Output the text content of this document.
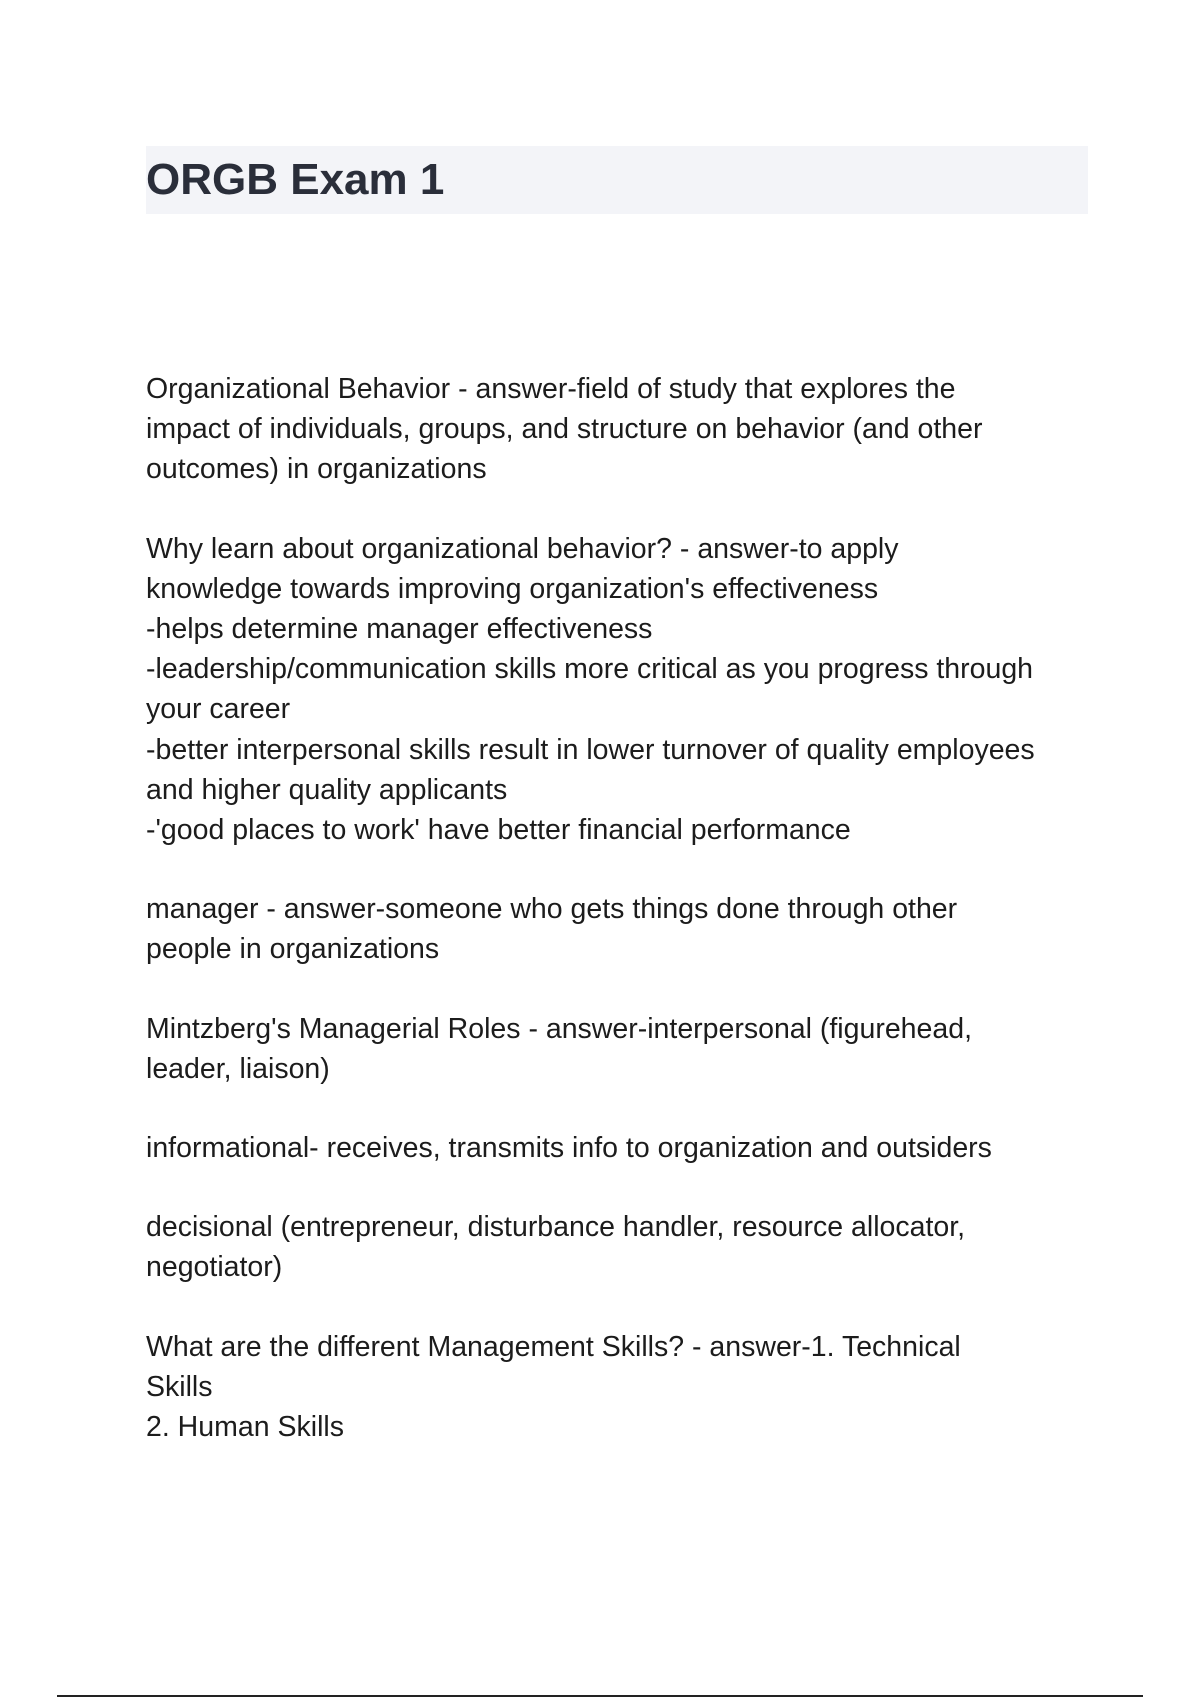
ORGB Exam 1

Organizational Behavior - answer-field of study that explores the

impact of individuals, groups, and structure on behavior (and other

outcomes) in organizations

Why learn about organizational behavior? - answer-to apply

knowledge towards improving organization's effectiveness

-helps determine manager effectiveness

-leadership/communication skills more critical as you progress through

your career

-better interpersonal skills result in lower turnover of quality employees

and higher quality applicants

-'good places to work' have better financial performance

manager - answer-someone who gets things done through other

people in organizations

Mintzberg's Managerial Roles - answer-interpersonal (figurehead,

leader, liaison)

informational- receives, transmits info to organization and outsiders

decisional (entrepreneur, disturbance handler, resource allocator,

negotiator)

What are the different Management Skills? - answer-1. Technical

Skills

2. Human Skills
